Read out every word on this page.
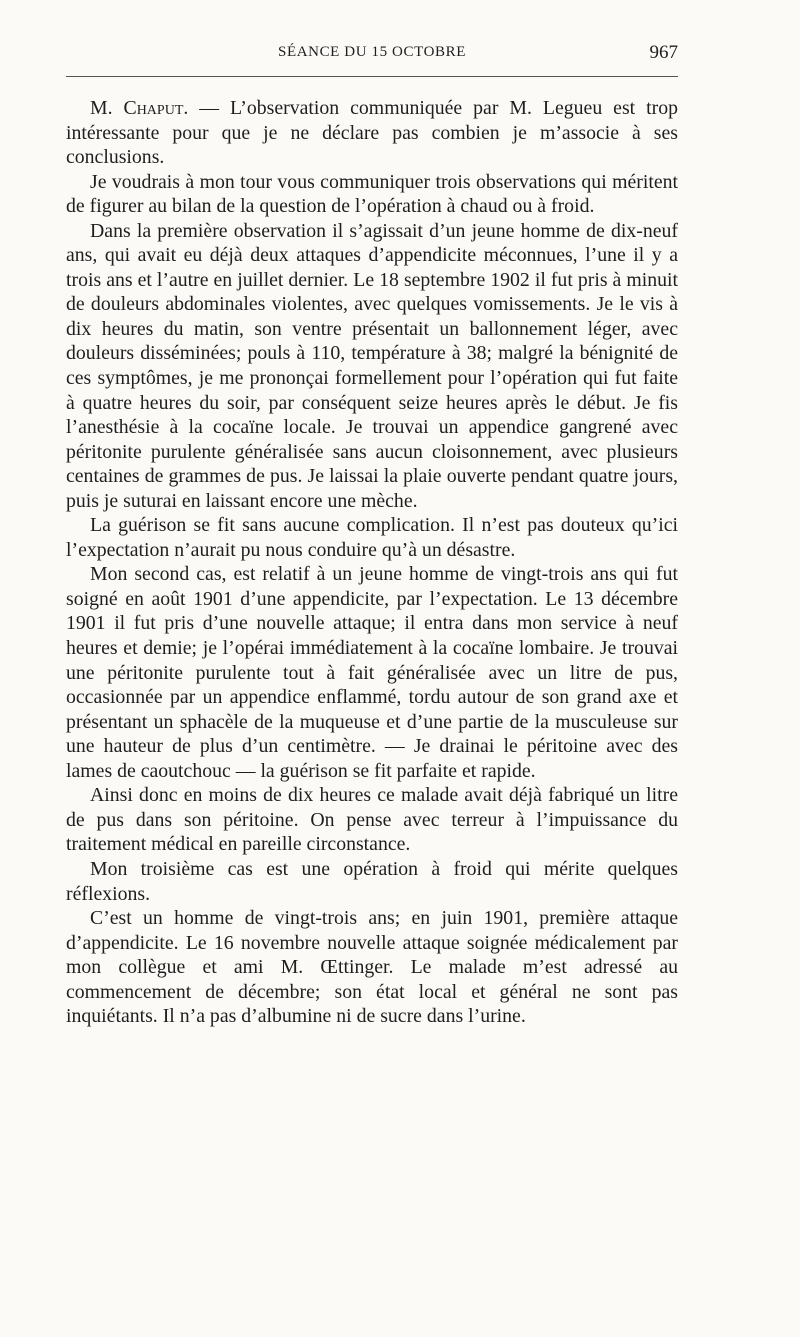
SÉANCE DU 15 OCTOBRE	967

M. Chaput. — L’observation communiquée par M. Legueu est trop intéressante pour que je ne déclare pas combien je m’associe à ses conclusions.

Je voudrais à mon tour vous communiquer trois observations qui méritent de figurer au bilan de la question de l’opération à chaud ou à froid.

Dans la première observation il s’agissait d’un jeune homme de dix-neuf ans, qui avait eu déjà deux attaques d’appendicite méconnues, l’une il y a trois ans et l’autre en juillet dernier. Le 18 septembre 1902 il fut pris à minuit de douleurs abdominales violentes, avec quelques vomissements. Je le vis à dix heures du matin, son ventre présentait un ballonnement léger, avec douleurs disséminées; pouls à 110, température à 38; malgré la bénignité de ces symptômes, je me prononçai formellement pour l’opération qui fut faite à quatre heures du soir, par conséquent seize heures après le début. Je fis l’anesthésie à la cocaïne locale. Je trouvai un appendice gangrené avec péritonite purulente généralisée sans aucun cloisonnement, avec plusieurs centaines de grammes de pus. Je laissai la plaie ouverte pendant quatre jours, puis je suturai en laissant encore une mèche.

La guérison se fit sans aucune complication. Il n’est pas douteux qu’ici l’expectation n’aurait pu nous conduire qu’à un désastre.

Mon second cas, est relatif à un jeune homme de vingt-trois ans qui fut soigné en août 1901 d’une appendicite, par l’expectation. Le 13 décembre 1901 il fut pris d’une nouvelle attaque; il entra dans mon service à neuf heures et demie; je l’opérai immédiatement à la cocaïne lombaire. Je trouvai une péritonite purulente tout à fait généralisée avec un litre de pus, occasionnée par un appendice enflammé, tordu autour de son grand axe et présentant un sphacèle de la muqueuse et d’une partie de la musculeuse sur une hauteur de plus d’un centimètre. — Je drainai le péritoine avec des lames de caoutchouc — la guérison se fit parfaite et rapide.

Ainsi donc en moins de dix heures ce malade avait déjà fabriqué un litre de pus dans son péritoine. On pense avec terreur à l’impuissance du traitement médical en pareille circonstance.

Mon troisième cas est une opération à froid qui mérite quelques réflexions.

C’est un homme de vingt-trois ans; en juin 1901, première attaque d’appendicite. Le 16 novembre nouvelle attaque soignée médicalement par mon collègue et ami M. Œttinger. Le malade m’est adressé au commencement de décembre; son état local et général ne sont pas inquiétants. Il n’a pas d’albumine ni de sucre dans l’urine.
